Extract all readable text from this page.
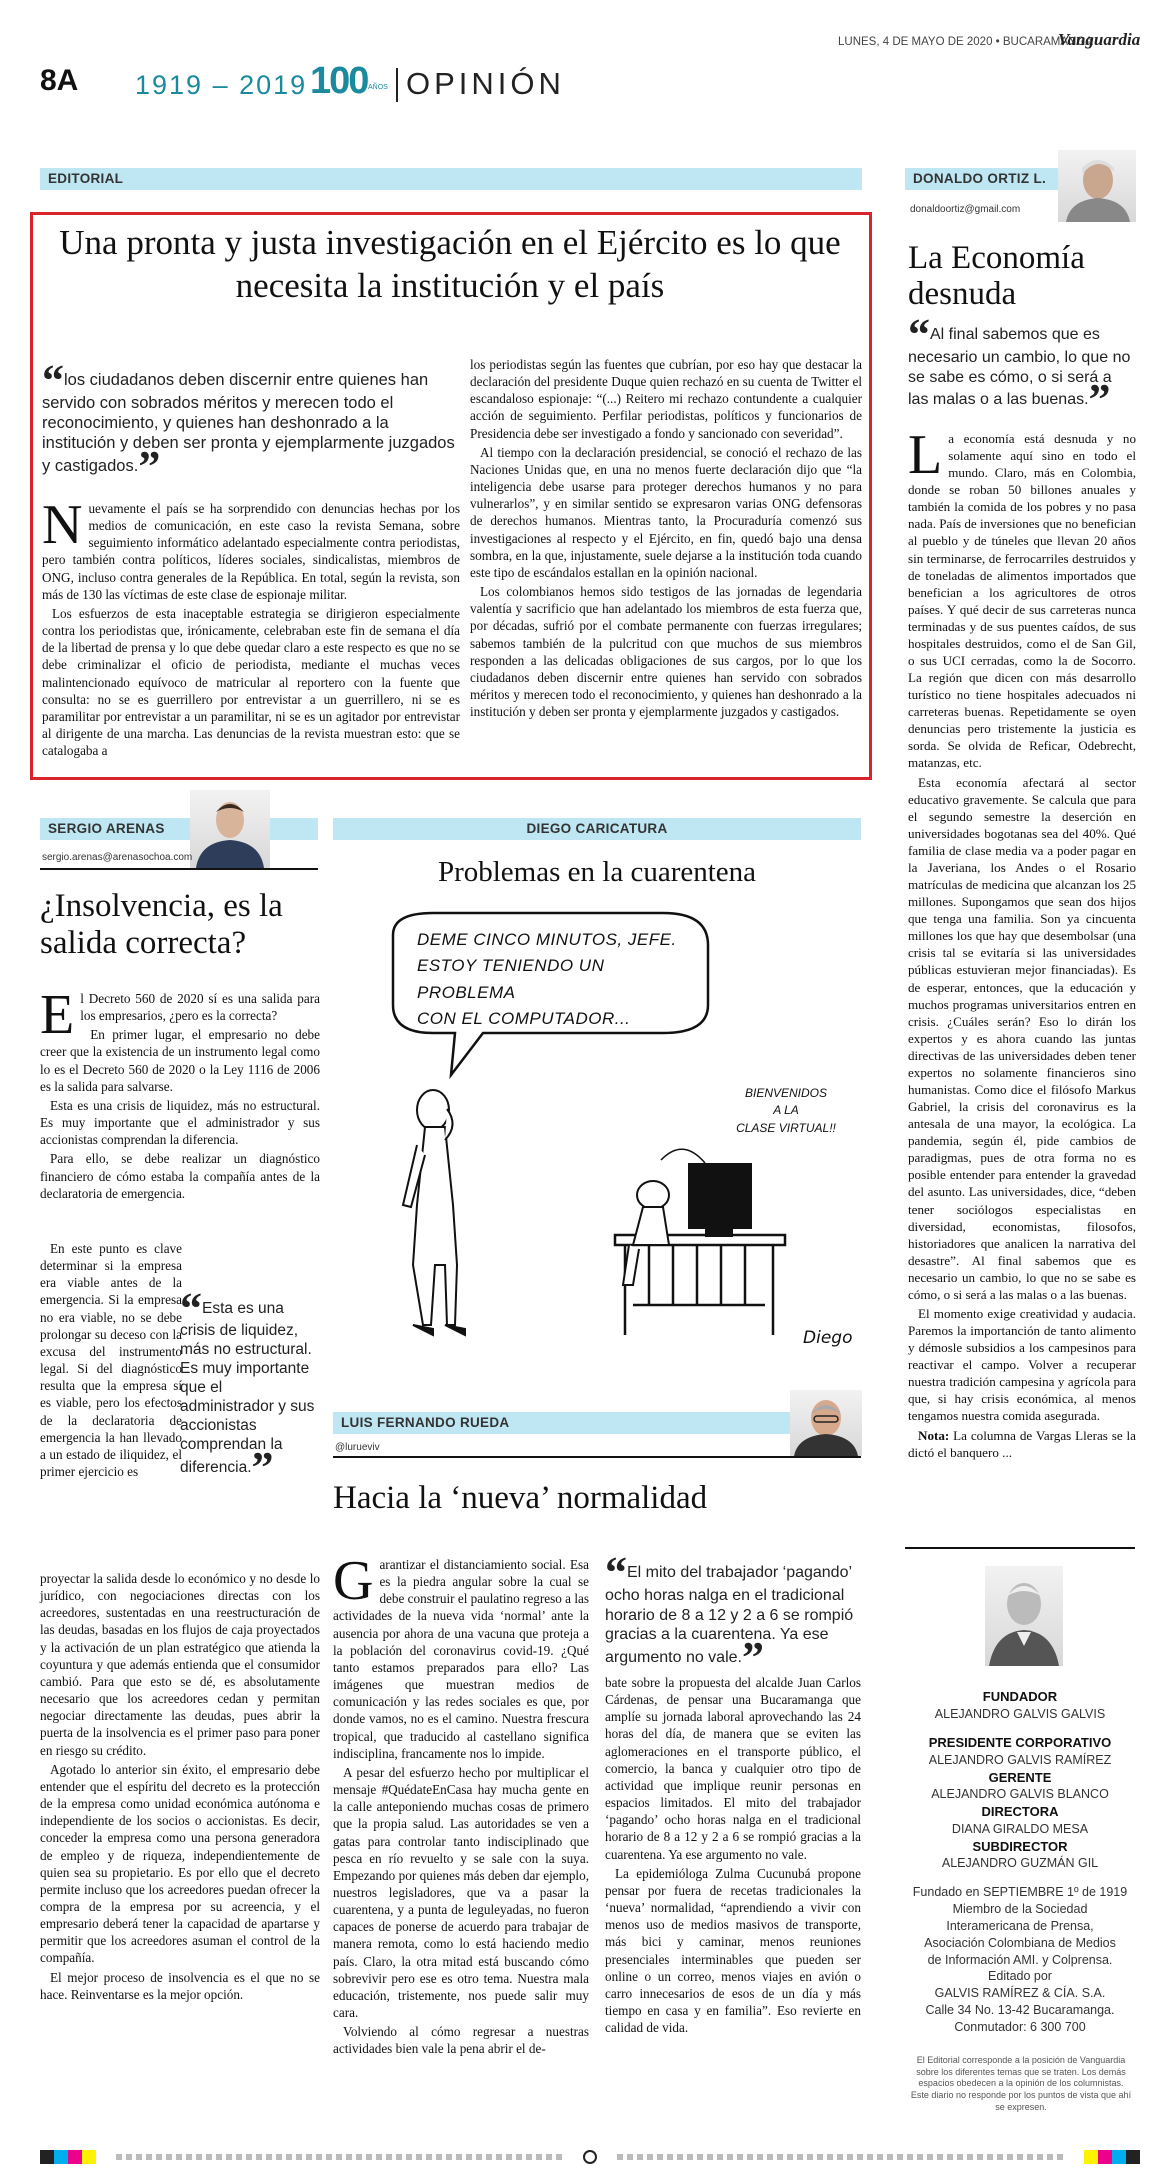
LUNES, 4 DE MAYO DE 2020 • BUCARAMANGA
Vanguardia
8A 1919 – 2019 100 AÑOS OPINIÓN
EDITORIAL
Una pronta y justa investigación en el Ejército es lo que necesita la institución y el país
“los ciudadanos deben discernir entre quienes han servido con sobrados méritos y merecen todo el reconocimiento, y quienes han deshonrado a la institución y deben ser pronta y ejemplarmente juzgados y castigados.”

Nuevamente el país se ha sorprendido con denuncias hechas por los medios de comunicación, en este caso la revista Semana, sobre seguimiento informático adelantado especialmente contra periodistas, pero también contra políticos, líderes sociales, sindicalistas, miembros de ONG, incluso contra generales de la República. En total, según la revista, son más de 130 las víctimas de este clase de espionaje militar.

Los esfuerzos de esta inaceptable estrategia se dirigieron especialmente contra los periodistas que, irónicamente, celebraban este fin de semana el día de la libertad de prensa y lo que debe quedar claro a este respecto es que no se debe criminalizar el oficio de periodista, mediante el muchas veces malintencionado equívoco de matricular al reportero con la fuente que consulta: no se es guerrillero por entrevistar a un guerrillero, ni se es paramilitar por entrevistar a un paramilitar, ni se es un agitador por entrevistar al dirigente de una marcha. Las denuncias de la revista muestran esto: que se catalogaba a

los periodistas según las fuentes que cubrían, por eso hay que destacar la declaración del presidente Duque quien rechazó en su cuenta de Twitter el escandaloso espionaje: “(...) Reitero mi rechazo contundente a cualquier acción de seguimiento. Perfilar periodistas, políticos y funcionarios de Presidencia debe ser investigado a fondo y sancionado con severidad”.

Al tiempo con la declaración presidencial, se conoció el rechazo de las Naciones Unidas que, en una no menos fuerte declaración dijo que “la inteligencia debe usarse para proteger derechos humanos y no para vulnerarlos”, y en similar sentido se expresaron varias ONG defensoras de derechos humanos. Mientras tanto, la Procuraduría comenzó sus investigaciones al respecto y el Ejército, en fin, quedó bajo una densa sombra, en la que, injustamente, suele dejarse a la institución toda cuando este tipo de escándalos estallan en la opinión nacional.

Los colombianos hemos sido testigos de las jornadas de legendaria valentía y sacrificio que han adelantado los miembros de esta fuerza que, por décadas, sufrió por el combate permanente con fuerzas irregulares; sabemos también de la pulcritud con que muchos de sus miembros responden a las delicadas obligaciones de sus cargos, por lo que los ciudadanos deben discernir entre quienes han servido con sobrados méritos y merecen todo el reconocimiento, y quienes han deshonrado a la institución y deben ser pronta y ejemplarmente juzgados y castigados.

DONALDO ORTIZ L.
donaldoortiz@gmail.com
La Economía desnuda
“Al final sabemos que es necesario un cambio, lo que no se sabe es cómo, o si será a las malas o a las buenas.”

La economía está desnuda y no solamente aquí sino en todo el mundo. Claro, más en Colombia, donde se roban 50 billones anuales y también la comida de los pobres y no pasa nada. País de inversiones que no benefician al pueblo y de túneles que llevan 20 años sin terminarse, de ferrocarriles destruidos y de toneladas de alimentos importados que benefician a los agricultores de otros países. Y qué decir de sus carreteras nunca terminadas y de sus puentes caídos, de sus hospitales destruidos, como el de San Gil, o sus UCI cerradas, como la de Socorro. La región que dicen con más desarrollo turístico no tiene hospitales adecuados ni carreteras buenas. Repetidamente se oyen denuncias pero tristemente la justicia es sorda. Se olvida de Reficar, Odebrecht, matanzas, etc.

Esta economía afectará al sector educativo gravemente. Se calcula que para el segundo semestre la deserción en universidades bogotanas sea del 40%. Qué familia de clase media va a poder pagar en la Javeriana, los Andes o el Rosario matrículas de medicina que alcanzan los 25 millones. Supongamos que sean dos hijos que tenga una familia. Son ya cincuenta millones los que hay que desembolsar (una crisis tal se evitaría si las universidades públicas estuvieran mejor financiadas). Es de esperar, entonces, que la educación y muchos programas universitarios entren en crisis. ¿Cuáles serán? Eso lo dirán los expertos y es ahora cuando las juntas directivas de las universidades deben tener expertos no solamente financieros sino humanistas. Como dice el filósofo Markus Gabriel, la crisis del coronavirus es la antesala de una mayor, la ecológica. La pandemia, según él, pide cambios de paradigmas, pues de otra forma no es posible entender para entender la gravedad del asunto. Las universidades, dice, “deben tener sociólogos especialistas en diversidad, economistas, filosofos, historiadores que analicen la narrativa del desastre”. Al final sabemos que es necesario un cambio, lo que no se sabe es cómo, o si será a las malas o a las buenas.

El momento exige creatividad y audacia. Paremos la importanción de tanto alimento y démosle subsidios a los campesinos para reactivar el campo. Volver a recuperar nuestra tradición campesina y agrícola para que, si hay crisis económica, al menos tengamos nuestra comida asegurada.

Nota: La columna de Vargas Lleras se la dictó el banquero ...

FUNDADOR
ALEJANDRO GALVIS GALVIS
PRESIDENTE CORPORATIVO
ALEJANDRO GALVIS RAMÍREZ
GERENTE
ALEJANDRO GALVIS BLANCO
DIRECTORA
DIANA GIRALDO MESA
SUBDIRECTOR
ALEJANDRO GUZMÁN GIL
Fundado en SEPTIEMBRE 1º de 1919
Miembro de la Sociedad
Interamericana de Prensa,
Asociación Colombiana de Medios
de Información AMI. y Colprensa.
Editado por
GALVIS RAMÍREZ & CÍA. S.A.
Calle 34 No. 13-42 Bucaramanga.
Conmutador: 6 300 700
El Editorial corresponde a la posición de Vanguardia sobre los diferentes temas que se traten. Los demás espacios obedecen a la opinión de los columnistas. Este diario no responde por los puntos de vista que ahí se expresen.
SERGIO ARENAS
sergio.arenas@arenasochoa.com
¿Insolvencia, es la salida correcta?

El Decreto 560 de 2020 sí es una salida para los empresarios, ¿pero es la correcta?

En primer lugar, el empresario no debe creer que la existencia de un instrumento legal como lo es el Decreto 560 de 2020 o la Ley 1116 de 2006 es la salida para salvarse.

Esta es una crisis de liquidez, más no estructural. Es muy importante que el administrador y sus accionistas comprendan la diferencia.

Para ello, se debe realizar un diagnóstico financiero de cómo estaba la compañía antes de la declaratoria de emergencia.

En este punto es clave determinar si la empresa era viable antes de la emergencia. Si la empresa no era viable, no se debe prolongar su deceso con la excusa del instrumento legal. Si del diagnóstico resulta que la empresa sí es viable, pero los efectos de la declaratoria de emergencia la han llevado a un estado de iliquidez, el primer ejercicio es

“Esta es una crisis de liquidez, más no estructural. Es muy importante que el administrador y sus accionistas comprendan la diferencia.”

proyectar la salida desde lo económico y no desde lo jurídico, con negociaciones directas con los acreedores, sustentadas en una reestructuración de las deudas, basadas en los flujos de caja proyectados y la activación de un plan estratégico que atienda la coyuntura y que además entienda que el consumidor cambió. Para que esto se dé, es absolutamente necesario que los acreedores cedan y permitan negociar directamente las deudas, pues abrir la puerta de la insolvencia es el primer paso para poner en riesgo su crédito.

Agotado lo anterior sin éxito, el empresario debe entender que el espíritu del decreto es la protección de la empresa como unidad económica autónoma e independiente de los socios o accionistas. Es decir, conceder la empresa como una persona generadora de empleo y de riqueza, independientemente de quien sea su propietario. Es por ello que el decreto permite incluso que los acreedores puedan ofrecer la compra de la empresa por su acreencia, y el empresario deberá tener la capacidad de apartarse y permitir que los acreedores asuman el control de la compañía.

El mejor proceso de insolvencia es el que no se hace. Reinventarse es la mejor opción.

DIEGO CARICATURA
Problemas en la cuarentena
Diego
DEME CINCO MINUTOS, JEFE.
ESTOY TENIENDO UN PROBLEMA
CON EL COMPUTADOR...
BIENVENIDOS
A LA
CLASE VIRTUAL!!
LUIS FERNANDO RUEDA
@lurueviv
Hacia la ‘nueva’ normalidad

Garantizar el distanciamiento social. Esa es la piedra angular sobre la cual se debe construir el paulatino regreso a las actividades de la nueva vida ‘normal’ ante la ausencia por ahora de una vacuna que proteja a la población del coronavirus covid-19. ¿Qué tanto estamos preparados para ello? Las imágenes que muestran medios de comunicación y las redes sociales es que, por donde vamos, no es el camino. Nuestra frescura tropical, que traducido al castellano significa indisciplina, francamente nos lo impide.

A pesar del esfuerzo hecho por multiplicar el mensaje #QuédateEnCasa hay mucha gente en la calle anteponiendo muchas cosas de primero que la propia salud. Las autoridades se ven a gatas para controlar tanto indisciplinado que pesca en río revuelto y se sale con la suya. Empezando por quienes más deben dar ejemplo, nuestros legisladores, que va a pasar la cuarentena, y a punta de leguleyadas, no fueron capaces de ponerse de acuerdo para trabajar de manera remota, como lo está haciendo medio país. Claro, la otra mitad está buscando cómo sobrevivir pero ese es otro tema. Nuestra mala educación, tristemente, nos puede salir muy cara.

Volviendo al cómo regresar a nuestras actividades bien vale la pena abrir el de-

“El mito del trabajador ‘pagando’ ocho horas nalga en el tradicional horario de 8 a 12 y 2 a 6 se rompió gracias a la cuarentena. Ya ese argumento no vale.”

bate sobre la propuesta del alcalde Juan Carlos Cárdenas, de pensar una Bucaramanga que amplíe su jornada laboral aprovechando las 24 horas del día, de manera que se eviten las aglomeraciones en el transporte público, el comercio, la banca y cualquier otro tipo de actividad que implique reunir personas en espacios limitados. El mito del trabajador ‘pagando’ ocho horas nalga en el tradicional horario de 8 a 12 y 2 a 6 se rompió gracias a la cuarentena. Ya ese argumento no vale.

La epidemióloga Zulma Cucunubá propone pensar por fuera de recetas tradicionales la ‘nueva’ normalidad, “aprendiendo a vivir con menos uso de medios masivos de transporte, más bici y caminar, menos reuniones presenciales interminables que pueden ser online o un correo, menos viajes en avión o carro innecesarios de esos de un día y más tiempo en casa y en familia”. Eso revierte en calidad de vida.
